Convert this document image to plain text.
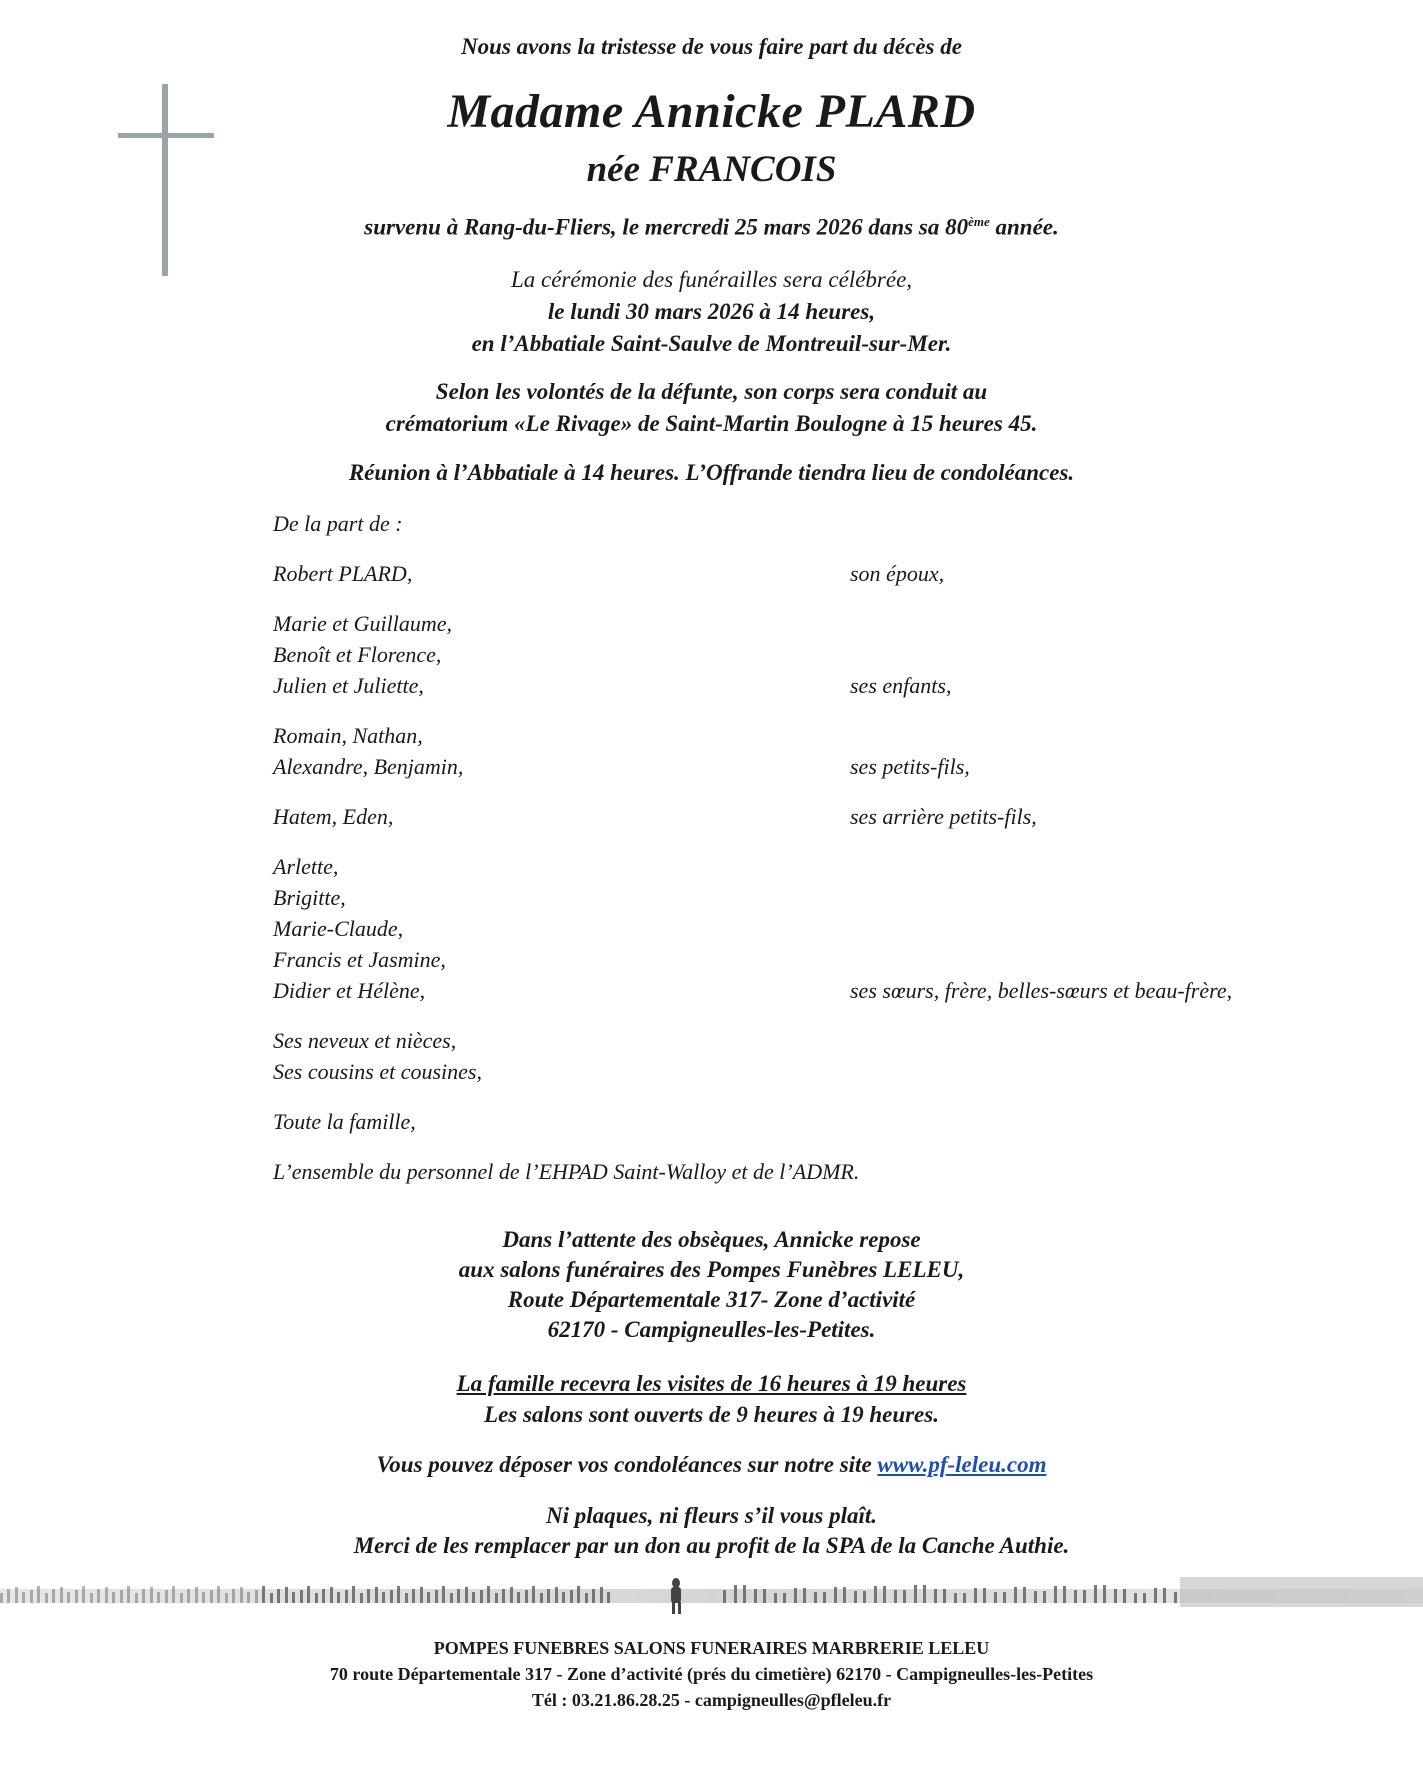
Nous avons la tristesse de vous faire part du décès de
Madame Annicke PLARD
née FRANCOIS
survenu à Rang-du-Fliers, le mercredi 25 mars 2026 dans sa 80ème année.
La cérémonie des funérailles sera célébrée,
le lundi 30 mars 2026 à 14 heures,
en l’Abbatiale Saint-Saulve de Montreuil-sur-Mer.
Selon les volontés de la défunte, son corps sera conduit au
crématorium «Le Rivage» de Saint-Martin Boulogne à 15 heures 45.
Réunion à l’Abbatiale à 14 heures. L’Offrande tiendra lieu de condoléances.
De la part de :
Robert PLARD,	son époux,
Marie et Guillaume,
Benoît et Florence,
Julien et Juliette,	ses enfants,
Romain, Nathan,
Alexandre, Benjamin,	ses petits-fils,
Hatem, Eden,	ses arrière petits-fils,
Arlette,
Brigitte,
Marie-Claude,
Francis et Jasmine,
Didier et Hélène,	ses sœurs, frère, belles-sœurs et beau-frère,
Ses neveux et nièces,
Ses cousins et cousines,
Toute la famille,
L’ensemble du personnel de l’EHPAD Saint-Walloy et de l’ADMR.
Dans l’attente des obsèques, Annicke repose
aux salons funéraires des Pompes Funèbres LELEU,
Route Départementale 317- Zone d’activité
62170 - Campigneulles-les-Petites.
La famille recevra les visites de 16 heures à 19 heures
Les salons sont ouverts de 9 heures à 19 heures.
Vous pouvez déposer vos condoléances sur notre site www.pf-leleu.com
Ni plaques, ni fleurs s’il vous plaît.
Merci de les remplacer par un don au profit de la SPA de la Canche Authie.
POMPES FUNEBRES SALONS FUNERAIRES MARBRERIE LELEU
70 route Départementale 317 - Zone d’activité (prés du cimetière) 62170 - Campigneulles-les-Petites
Tél : 03.21.86.28.25 - campigneulles@pfleleu.fr
